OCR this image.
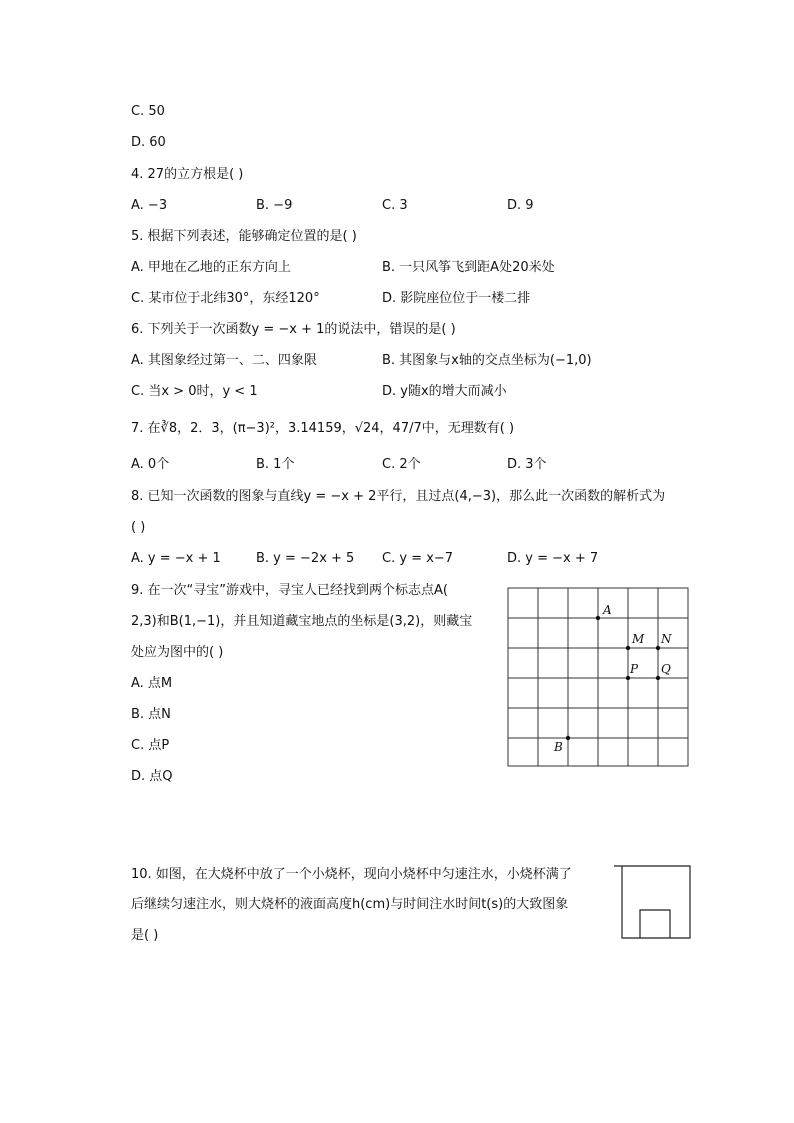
C. 50
D. 60
4. 27的立方根是( )
A. −3	B. −9	C. 3	D. 9
5. 根据下列表述，能够确定位置的是( )
A. 甲地在乙地的正东方向上	B. 一只风筝飞到距A处20米处
C. 某市位于北纬30°，东经120°	D. 影院座位位于一楼二排
6. 下列关于一次函数y = −x + 1的说法中，错误的是( )
A. 其图象经过第一、二、四象限	B. 其图象与x轴的交点坐标为(−1,0)
C. 当x > 0时，y < 1	D. y随x的增大而减小
7. 在∛8，2．3̇，(π−3)²，3.14159，√24，47/7中，无理数有( )
A. 0个	B. 1个	C. 2个	D. 3个
8. 已知一次函数的图象与直线y = −x + 2平行，且过点(4,−3)，那么此一次函数的解析式为
( )
A. y = −x + 1	B. y = −2x + 5 C. y = x−7	D. y = −x + 7
9. 在一次“寻宝”游戏中，寻宝人已经找到两个标志点A(
2,3)和B(1,−1)，并且知道藏宝地点的坐标是(3,2)，则藏宝
处应为图中的( )
A. 点M
B. 点N
C. 点P
D. 点Q
A
M N
P Q
B
10. 如图，在大烧杯中放了一个小烧杯，现向小烧杯中匀速注水，小烧杯满了
后继续匀速注水，则大烧杯的液面高度h(cm)与时间注水时间t(s)的大致图象
是( )
